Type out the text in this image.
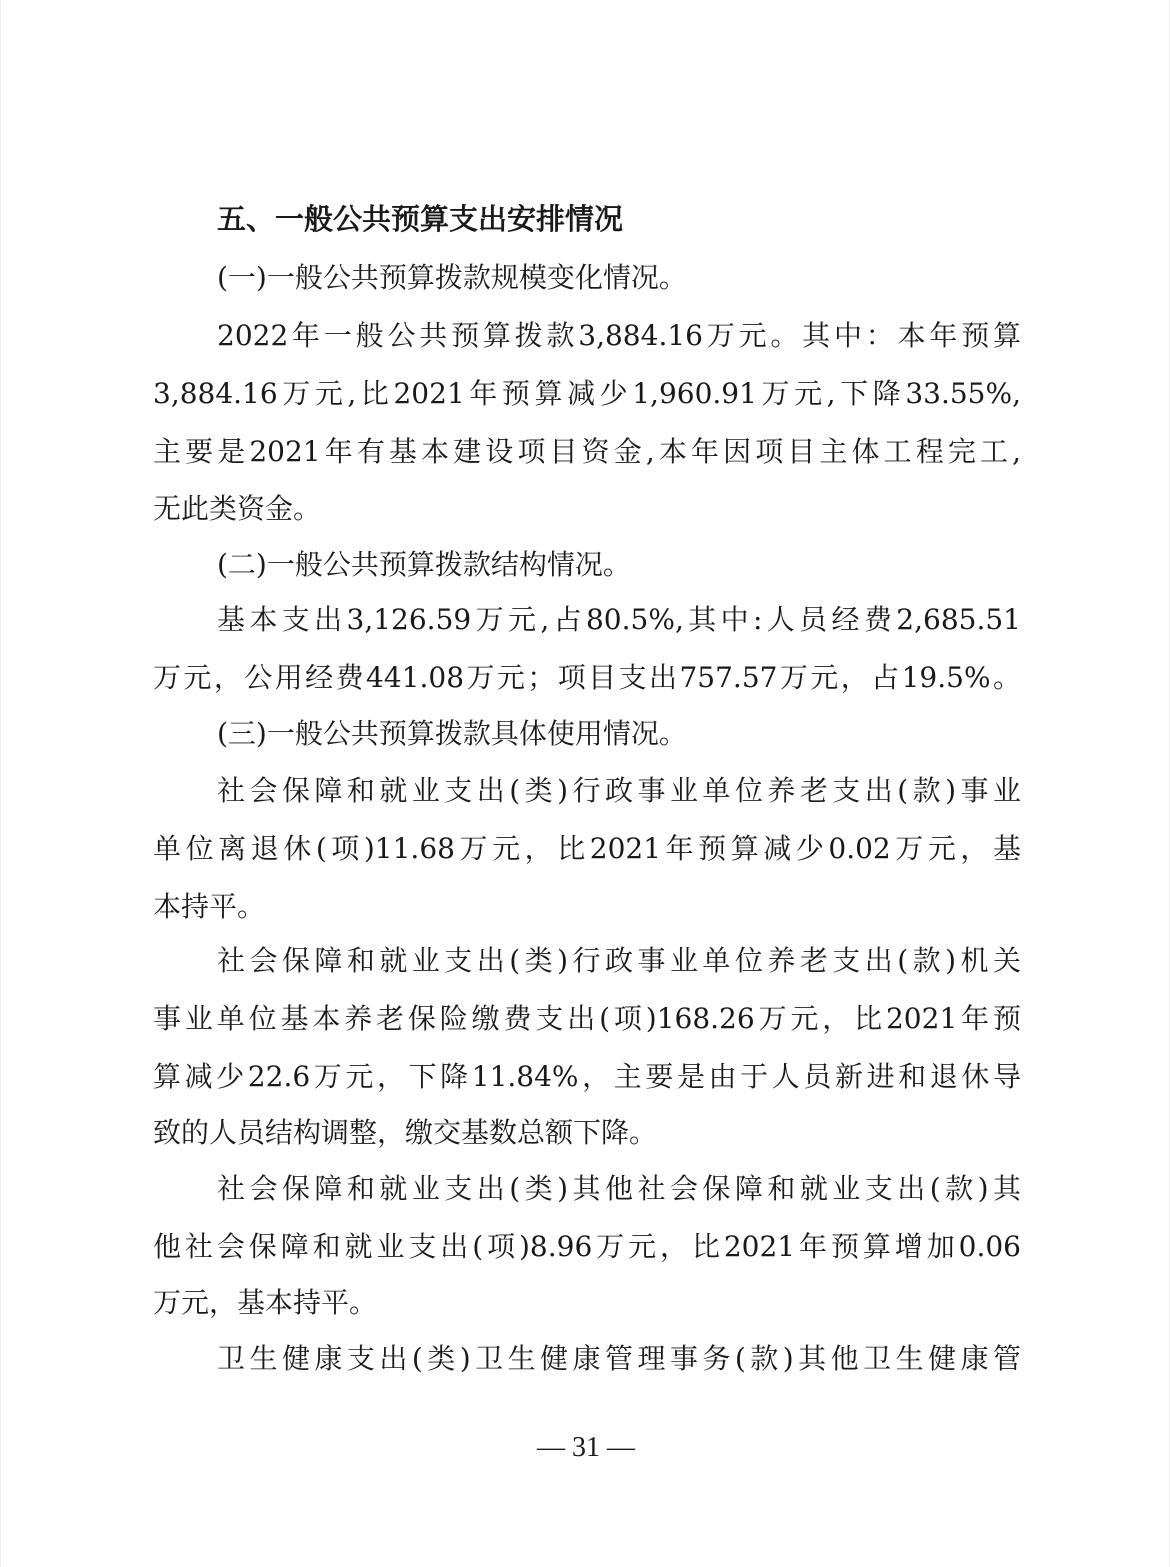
五、一般公共预算支出安排情况
(一)一般公共预算拨款规模变化情况。
2022年一般公共预算拨款3,884.16万元。其中：本年预算
3,884.16万元,比2021年预算减少1,960.91万元,下降33.55%,
主要是2021年有基本建设项目资金,本年因项目主体工程完工,
无此类资金。
(二)一般公共预算拨款结构情况。
基本支出3,126.59万元,占80.5%,其中:人员经费2,685.51
万元，公用经费441.08万元；项目支出757.57万元，占19.5%。
(三)一般公共预算拨款具体使用情况。
社会保障和就业支出(类)行政事业单位养老支出(款)事业
单位离退休(项)11.68万元，比2021年预算减少0.02万元，基
本持平。
社会保障和就业支出(类)行政事业单位养老支出(款)机关
事业单位基本养老保险缴费支出(项)168.26万元，比2021年预
算减少22.6万元，下降11.84%，主要是由于人员新进和退休导
致的人员结构调整，缴交基数总额下降。
社会保障和就业支出(类)其他社会保障和就业支出(款)其
他社会保障和就业支出(项)8.96万元，比2021年预算增加0.06
万元，基本持平。
卫生健康支出(类)卫生健康管理事务(款)其他卫生健康管
— 31 —
